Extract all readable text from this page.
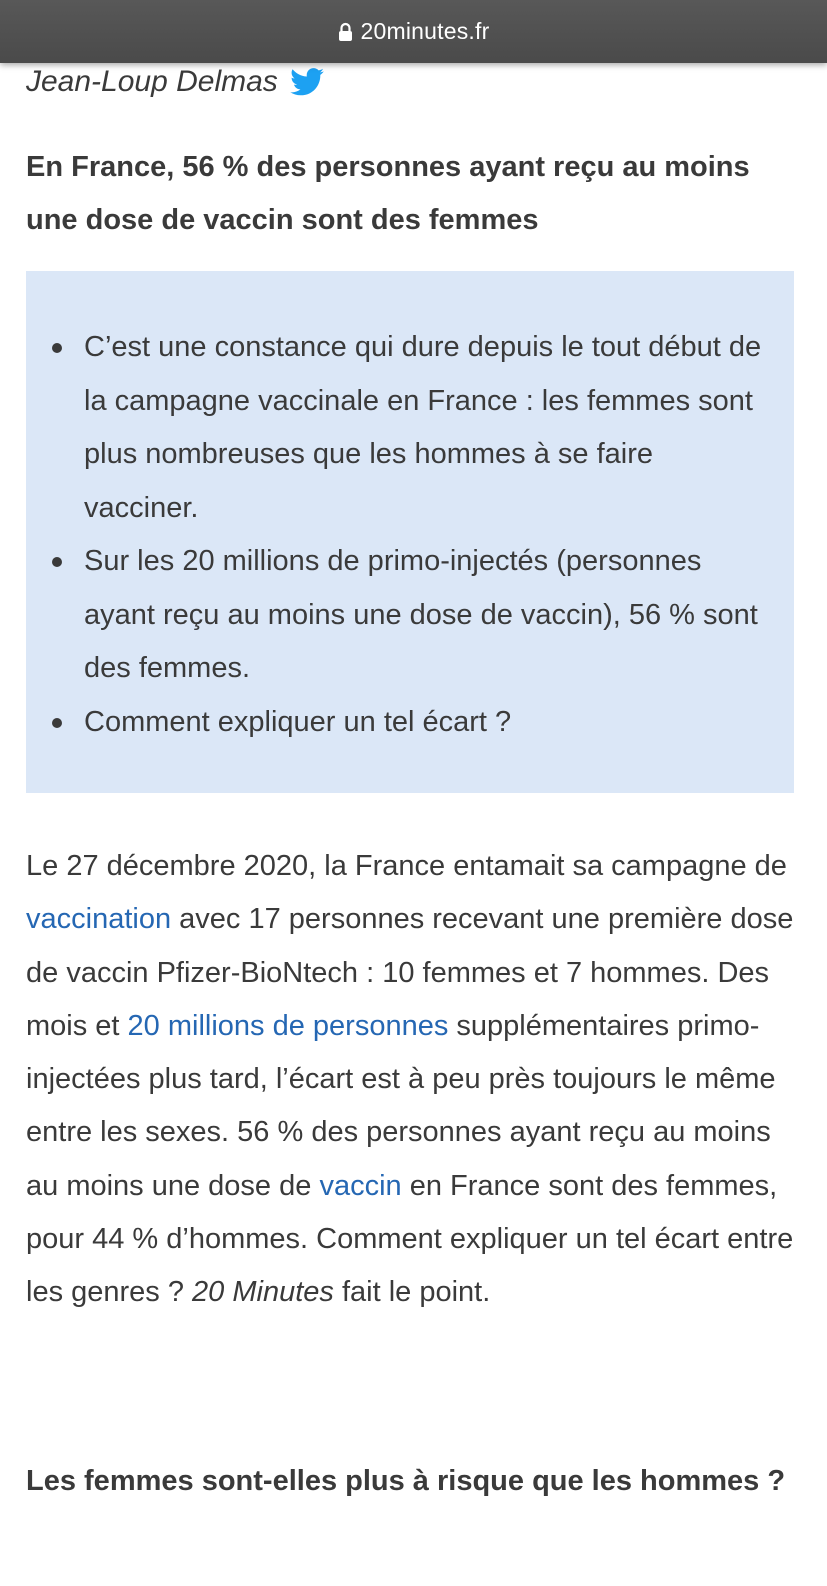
20minutes.fr
Jean-Loup Delmas
En France, 56 % des personnes ayant reçu au moins une dose de vaccin sont des femmes
C’est une constance qui dure depuis le tout début de la campagne vaccinale en France : les femmes sont plus nombreuses que les hommes à se faire vacciner.
Sur les 20 millions de primo-injectés (personnes ayant reçu au moins une dose de vaccin), 56 % sont des femmes.
Comment expliquer un tel écart ?

Le 27 décembre 2020, la France entamait sa campagne de vaccination avec 17 personnes recevant une première dose de vaccin Pfizer-BioNtech : 10 femmes et 7 hommes. Des mois et 20 millions de personnes supplémentaires primo-injectées plus tard, l’écart est à peu près toujours le même entre les sexes. 56 % des personnes ayant reçu au moins au moins une dose de vaccin en France sont des femmes, pour 44 % d’hommes. Comment expliquer un tel écart entre les genres ? 20 Minutes fait le point.

Les femmes sont-elles plus à risque que les hommes ?
